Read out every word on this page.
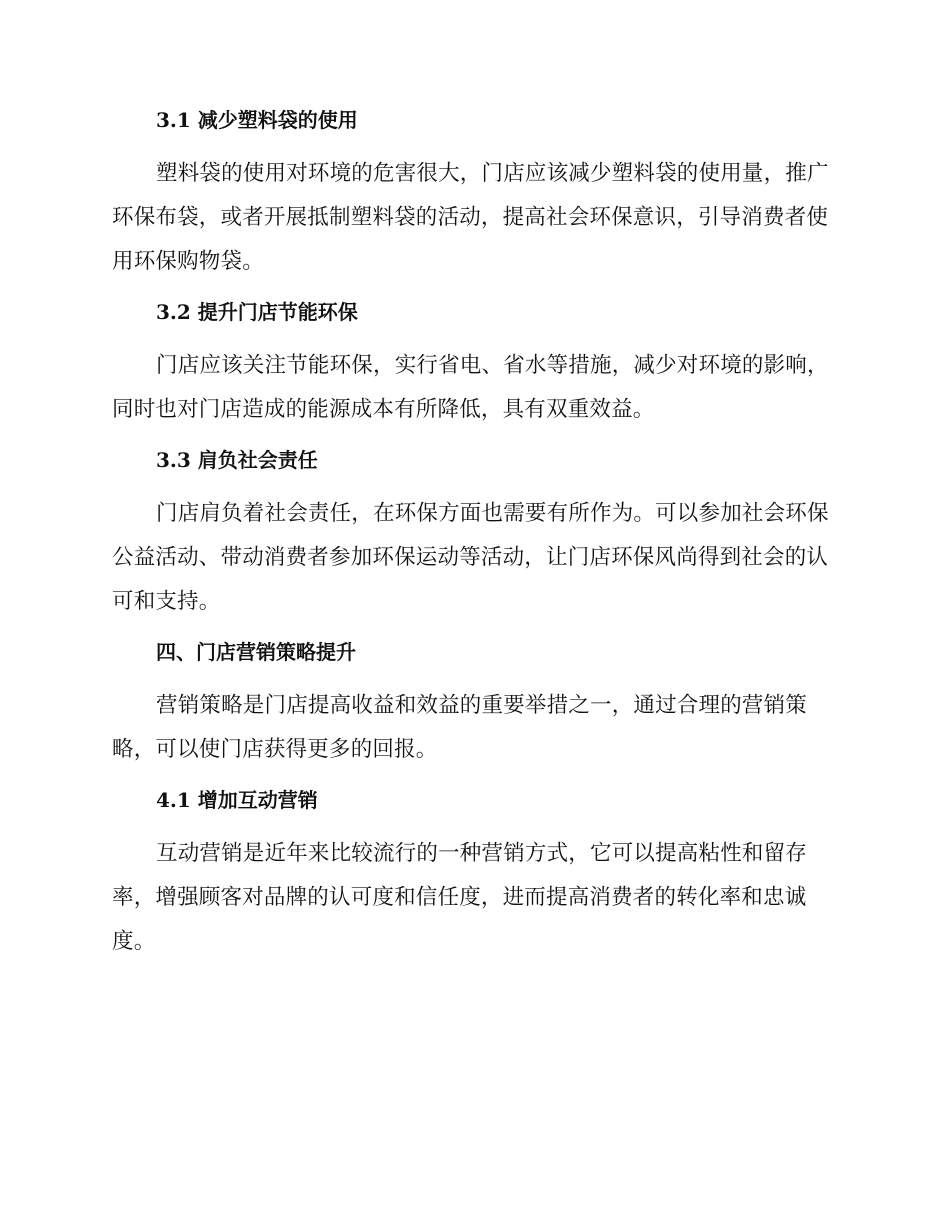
3.1 减少塑料袋的使用
塑料袋的使用对环境的危害很大，门店应该减少塑料袋的使用量，推广
环保布袋，或者开展抵制塑料袋的活动，提高社会环保意识，引导消费者使
用环保购物袋。
3.2 提升门店节能环保
门店应该关注节能环保，实行省电、省水等措施，减少对环境的影响，
同时也对门店造成的能源成本有所降低，具有双重效益。
3.3 肩负社会责任
门店肩负着社会责任，在环保方面也需要有所作为。可以参加社会环保
公益活动、带动消费者参加环保运动等活动，让门店环保风尚得到社会的认
可和支持。
四、门店营销策略提升
营销策略是门店提高收益和效益的重要举措之一，通过合理的营销策
略，可以使门店获得更多的回报。
4.1 增加互动营销
互动营销是近年来比较流行的一种营销方式，它可以提高粘性和留存
率，增强顾客对品牌的认可度和信任度，进而提高消费者的转化率和忠诚
度。
